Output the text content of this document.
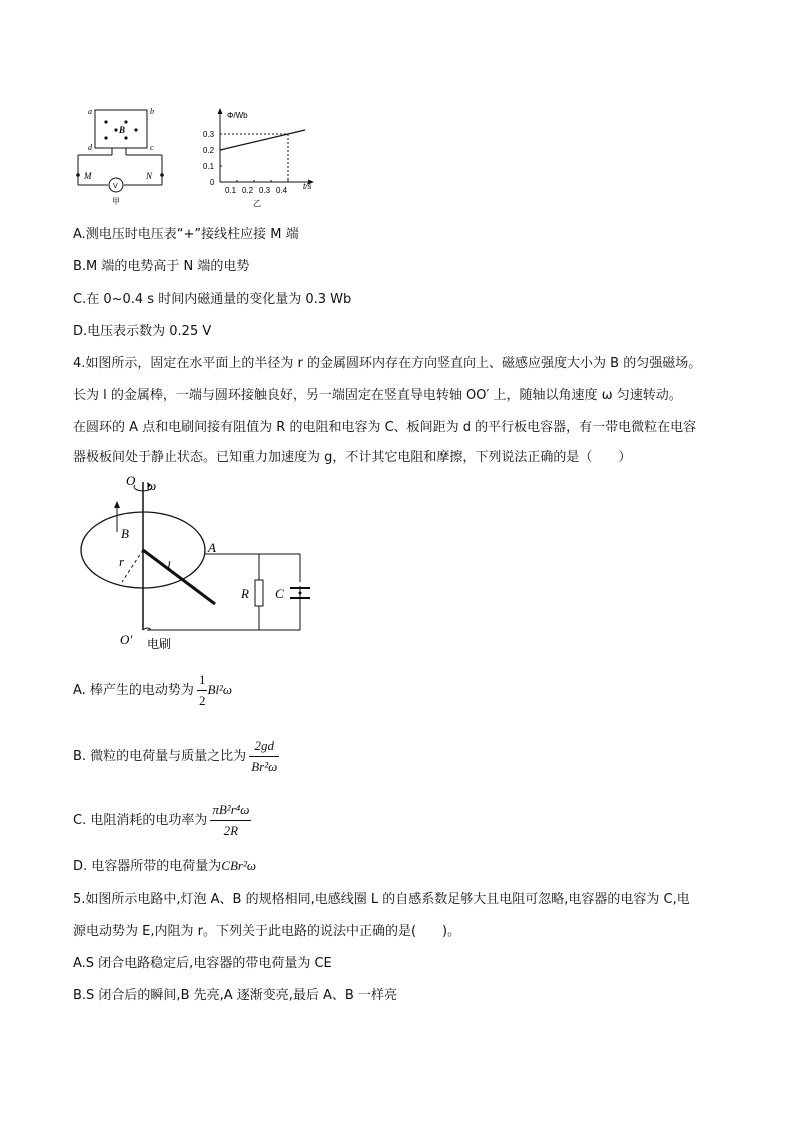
a	b
c
d
B
V
M	N
甲
Φ/Wb
t/s
0
0.3
0.2
0.1
0.1 0.2 0.3 0.4
乙
A.测电压时电压表“+”接线柱应接 M 端
B.M 端的电势高于 N 端的电势
C.在 0~0.4 s 时间内磁通量的变化量为 0.3 Wb
D.电压表示数为 0.25 V
4.如图所示，固定在水平面上的半径为 r 的金属圆环内存在方向竖直向上、磁感应强度大小为 B 的匀强磁场。
长为 l 的金属棒，一端与圆环接触良好，另一端固定在竖直导电转轴 OO′ 上，随轴以角速度 ω 匀速转动。
在圆环的 A 点和电刷间接有阻值为 R 的电阻和电容为 C、板间距为 d 的平行板电容器，有一带电微粒在电容
器极板间处于静止状态。已知重力加速度为 g，不计其它电阻和摩擦，下列说法正确的是（　　）
O ω
B
r	l
A
R C
O′ 电刷
A. 棒产生的电动势为 $\frac{1}{2} Bl^2\omega$
B. 微粒的电荷量与质量之比为 $\frac{2gd}{\text{Br²ω}}$
C. 电阻消耗的电功率为 $\frac{\text{πB²r⁴ω}}{2R}$
D. 电容器所带的电荷量为CBr²ω
5.如图所示电路中,灯泡 A、B 的规格相同,电感线圈 L 的自感系数足够大且电阻可忽略,电容器的电容为 C,电
源电动势为 E,内阻为 r。下列关于此电路的说法中正确的是(　　)。
A.S 闭合电路稳定后,电容器的带电荷量为 CE
B.S 闭合后的瞬间,B 先亮,A 逐渐变亮,最后 A、B 一样亮
